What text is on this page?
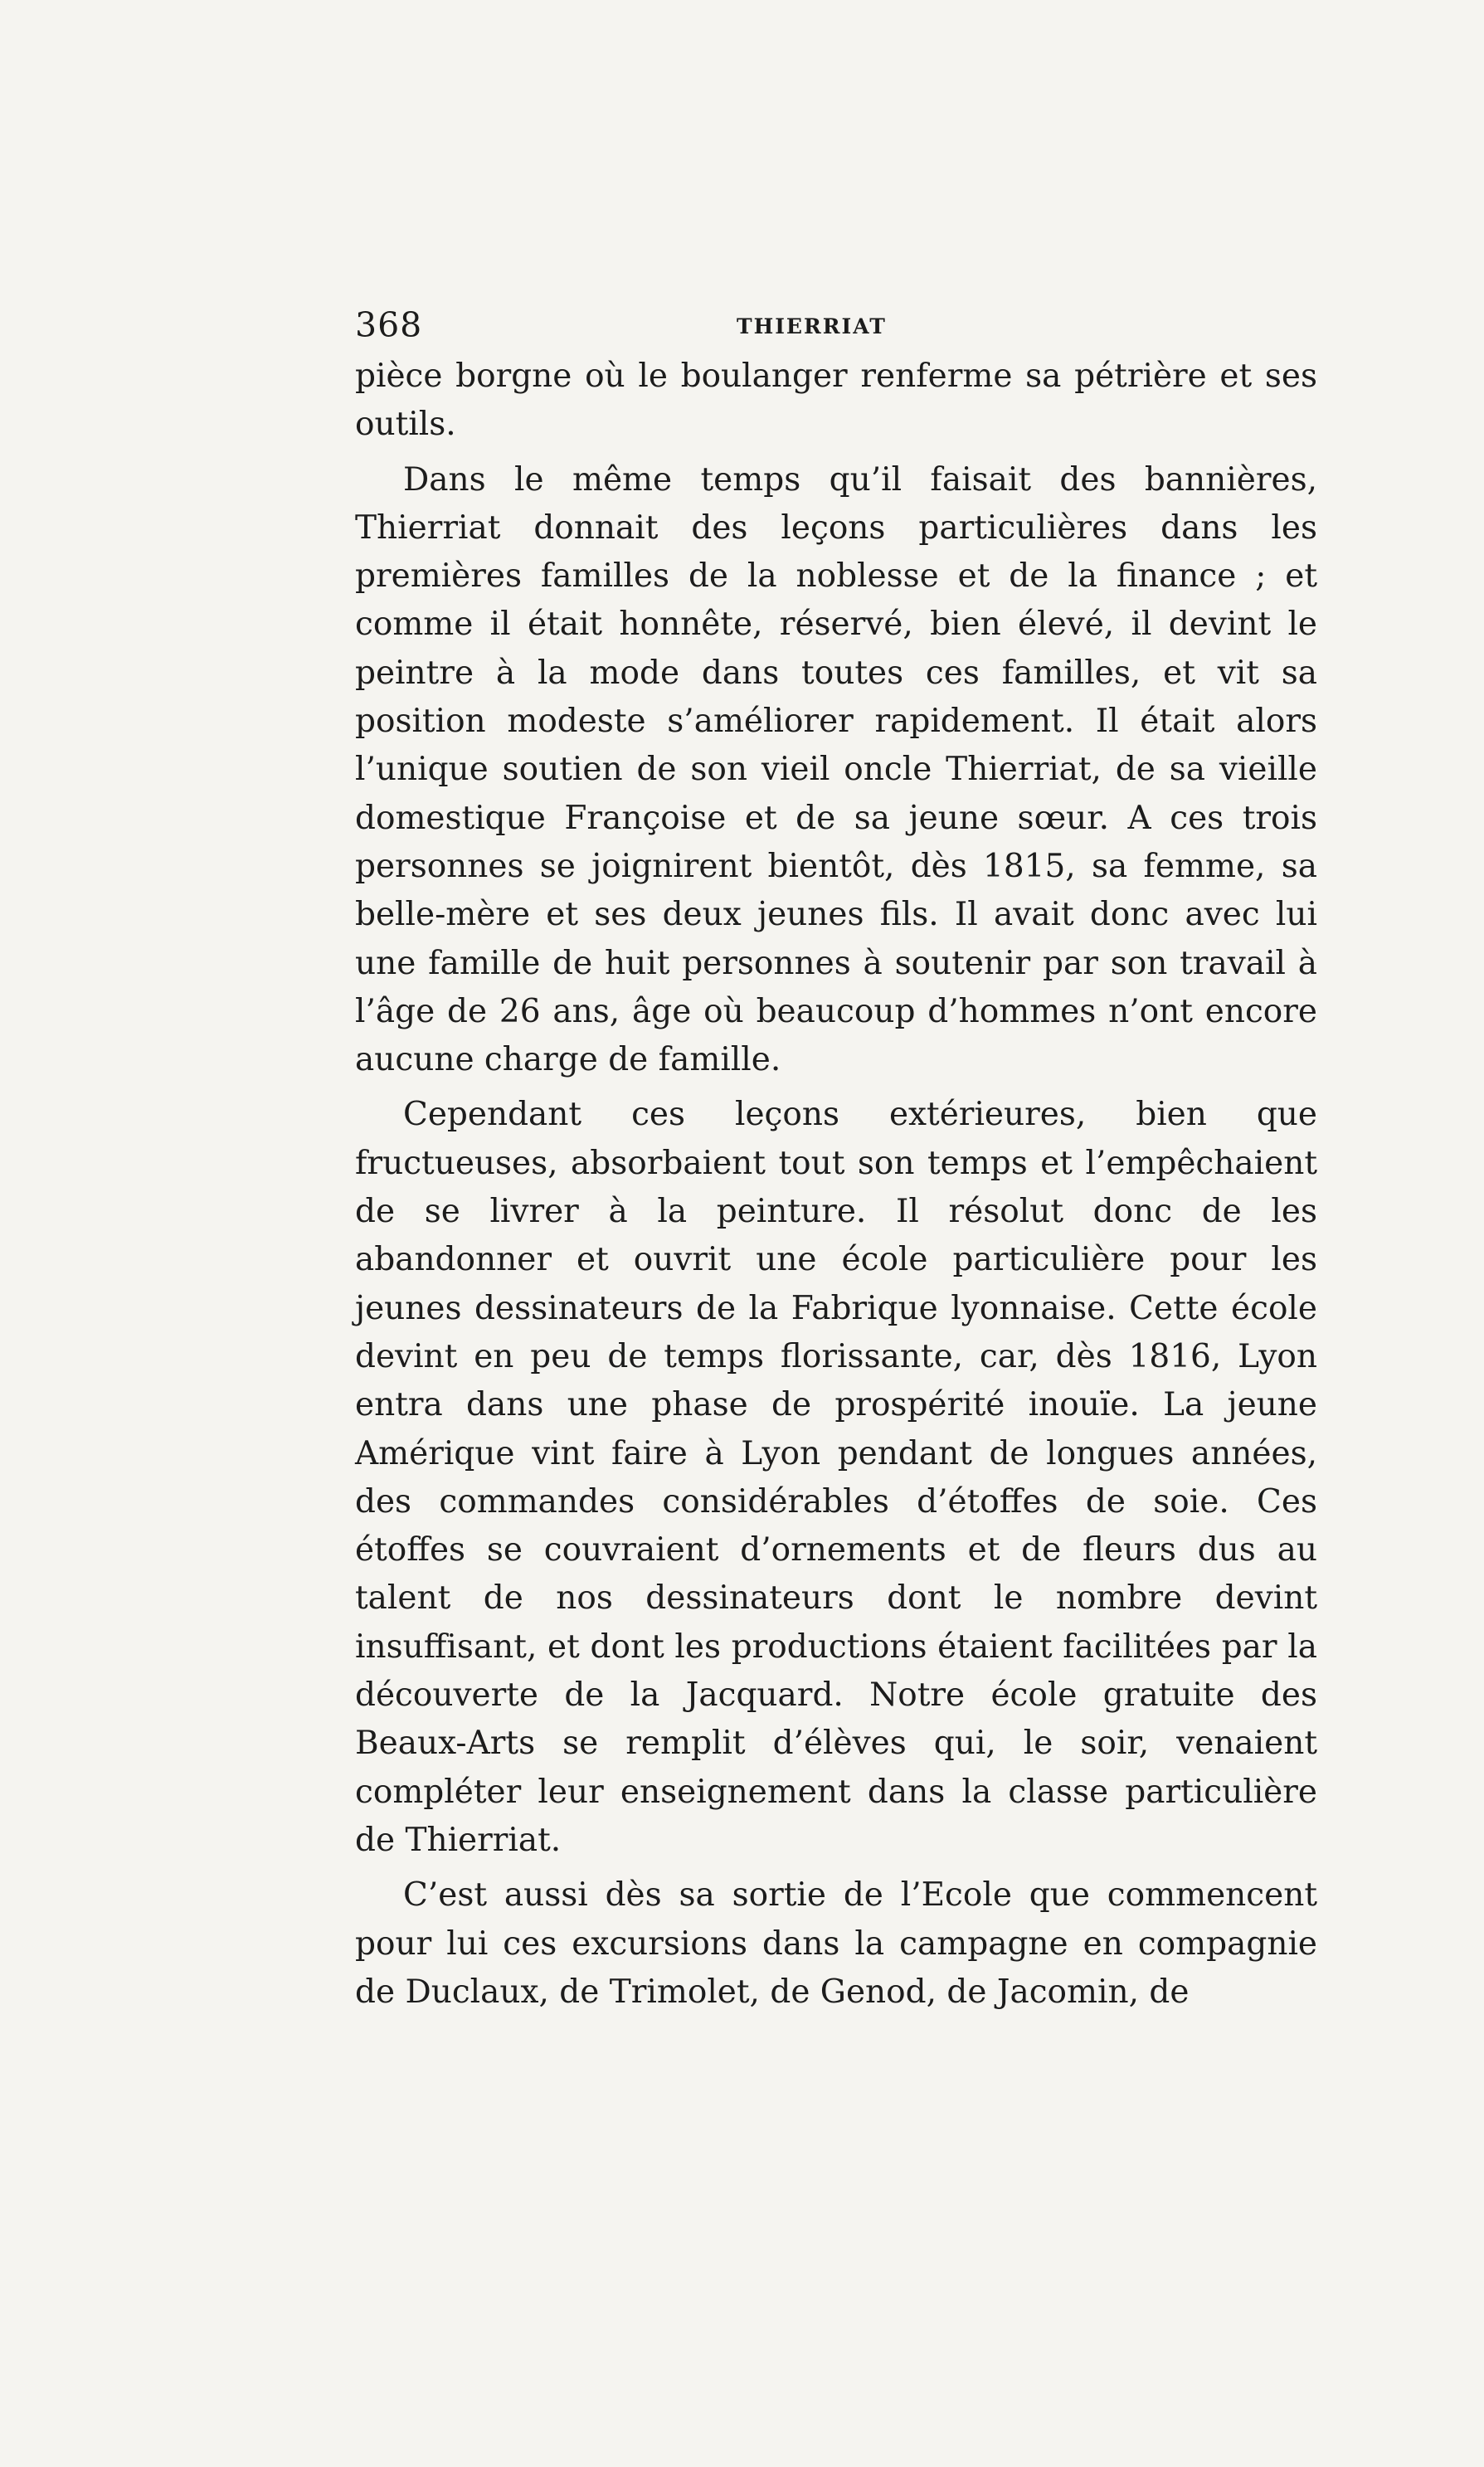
368	THIERRIAT

pièce borgne où le boulanger renferme sa pétrière et ses outils.

Dans le même temps qu’il faisait des bannières, Thierriat donnait des leçons particulières dans les premières familles de la noblesse et de la finance ; et comme il était honnête, réservé, bien élevé, il devint le peintre à la mode dans toutes ces familles, et vit sa position modeste s’améliorer rapidement. Il était alors l’unique soutien de son vieil oncle Thierriat, de sa vieille domestique Françoise et de sa jeune sœur. A ces trois personnes se joignirent bientôt, dès 1815, sa femme, sa belle-mère et ses deux jeunes fils. Il avait donc avec lui une famille de huit personnes à soutenir par son travail à l’âge de 26 ans, âge où beaucoup d’hommes n’ont encore aucune charge de famille.

Cependant ces leçons extérieures, bien que fructueuses, absorbaient tout son temps et l’empêchaient de se livrer à la peinture. Il résolut donc de les abandonner et ouvrit une école particulière pour les jeunes dessinateurs de la Fabrique lyonnaise. Cette école devint en peu de temps florissante, car, dès 1816, Lyon entra dans une phase de prospérité inouïe. La jeune Amérique vint faire à Lyon pendant de longues années, des commandes considérables d’étoffes de soie. Ces étoffes se couvraient d’ornements et de fleurs dus au talent de nos dessinateurs dont le nombre devint insuffisant, et dont les productions étaient facilitées par la découverte de la Jacquard. Notre école gratuite des Beaux-Arts se remplit d’élèves qui, le soir, venaient compléter leur enseignement dans la classe particulière de Thierriat.

C’est aussi dès sa sortie de l’Ecole que commencent pour lui ces excursions dans la campagne en compagnie de Duclaux, de Trimolet, de Genod, de Jacomin, de
